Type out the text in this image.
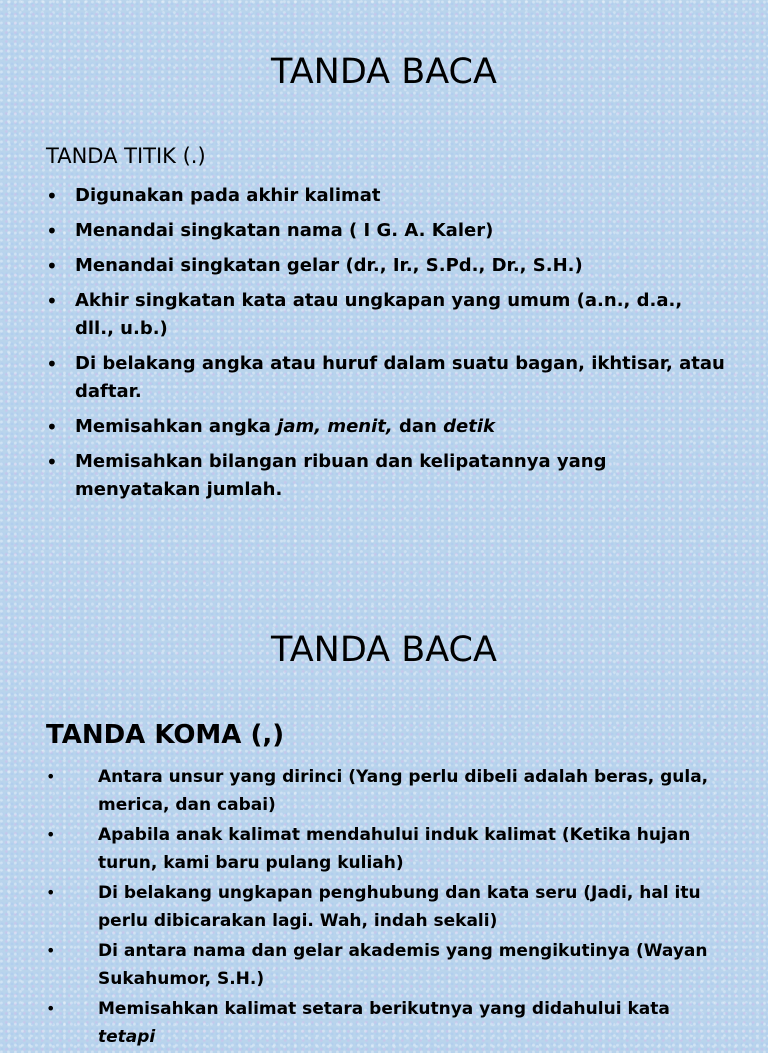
TANDA BACA
TANDA TITIK (.)
• Digunakan pada akhir kalimat
• Menandai singkatan nama ( I G. A. Kaler)
• Menandai singkatan gelar (dr., Ir., S.Pd., Dr., S.H.)
• Akhir singkatan kata atau ungkapan yang umum (a.n., d.a., dll., u.b.)
• Di belakang angka atau huruf dalam suatu bagan, ikhtisar, atau daftar.
• Memisahkan angka jam, menit, dan detik
• Memisahkan bilangan ribuan dan kelipatannya yang menyatakan jumlah.
TANDA BACA
TANDA KOMA (,)
•	Antara unsur yang dirinci (Yang perlu dibeli adalah beras, gula, merica, dan cabai)
•	Apabila anak kalimat mendahului induk kalimat (Ketika hujan turun, kami baru pulang kuliah)
•	Di belakang ungkapan penghubung dan kata seru (Jadi, hal itu perlu dibicarakan lagi. Wah, indah sekali)
•	Di antara nama dan gelar akademis yang mengikutinya (Wayan Sukahumor, S.H.)
•	Memisahkan kalimat setara berikutnya yang didahului kata tetapi
